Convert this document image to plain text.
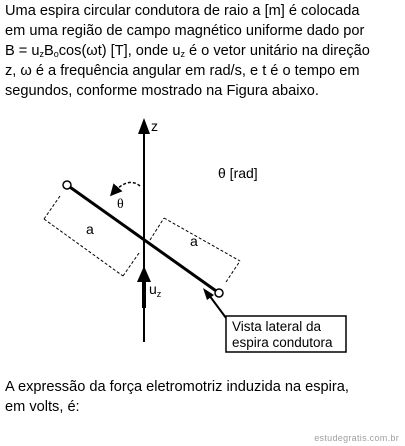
Uma espira circular condutora de raio a [m] é colocada
em uma região de campo magnético uniforme dado por
$B = u_zB_o\cos(\omega t)$ [T], onde $u_z$ é o vetor unitário na direção
z, ω é a frequência angular em rad/s, e t é o tempo em
segundos, conforme mostrado na Figura abaixo.
z
a
a
θ
θ [rad]
$u_z$
Vista lateral da
espira condutora
A expressão da força eletromotriz induzida na espira,
em volts, é:
estudegratis.com.br
